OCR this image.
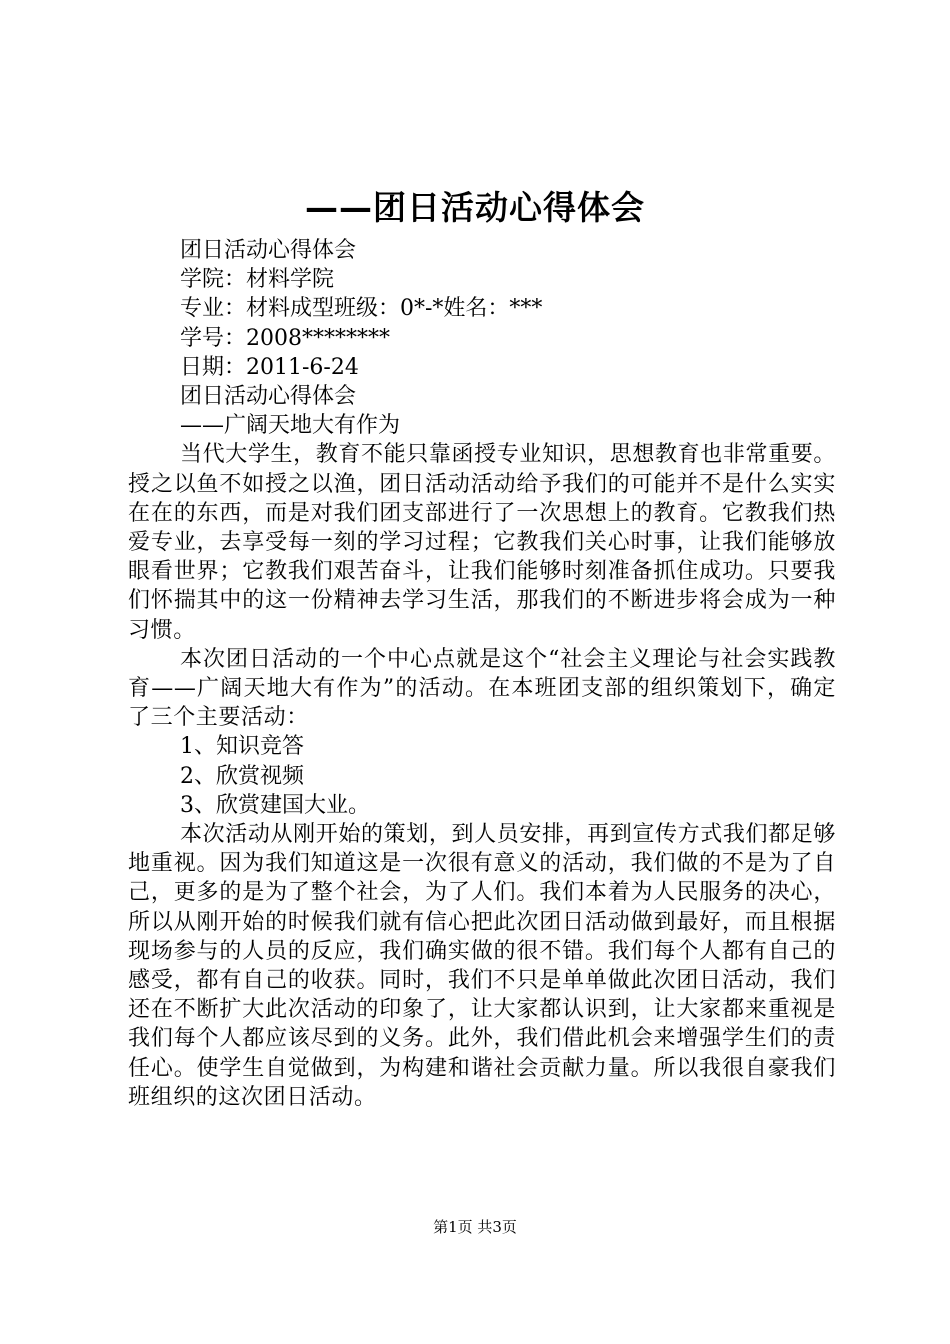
——团日活动心得体会
团日活动心得体会
学院：材料学院
专业：材料成型班级：0*-*姓名：***
学号：2008********
日期：2011-6-24
团日活动心得体会
——广阔天地大有作为
当代大学生，教育不能只靠函授专业知识，思想教育也非常重要。授之以鱼不如授之以渔，团日活动活动给予我们的可能并不是什么实实在在的东西，而是对我们团支部进行了一次思想上的教育。它教我们热爱专业，去享受每一刻的学习过程；它教我们关心时事，让我们能够放眼看世界；它教我们艰苦奋斗，让我们能够时刻准备抓住成功。只要我们怀揣其中的这一份精神去学习生活，那我们的不断进步将会成为一种习惯。
本次团日活动的一个中心点就是这个“社会主义理论与社会实践教育——广阔天地大有作为”的活动。在本班团支部的组织策划下，确定了三个主要活动：
1、知识竞答
2、欣赏视频
3、欣赏建国大业。
本次活动从刚开始的策划，到人员安排，再到宣传方式我们都足够地重视。因为我们知道这是一次很有意义的活动，我们做的不是为了自己，更多的是为了整个社会，为了人们。我们本着为人民服务的决心，所以从刚开始的时候我们就有信心把此次团日活动做到最好，而且根据现场参与的人员的反应，我们确实做的很不错。我们每个人都有自己的感受，都有自己的收获。同时，我们不只是单单做此次团日活动，我们还在不断扩大此次活动的印象了，让大家都认识到，让大家都来重视是我们每个人都应该尽到的义务。此外，我们借此机会来增强学生们的责任心。使学生自觉做到，为构建和谐社会贡献力量。所以我很自豪我们班组织的这次团日活动。
第1页 共3页
